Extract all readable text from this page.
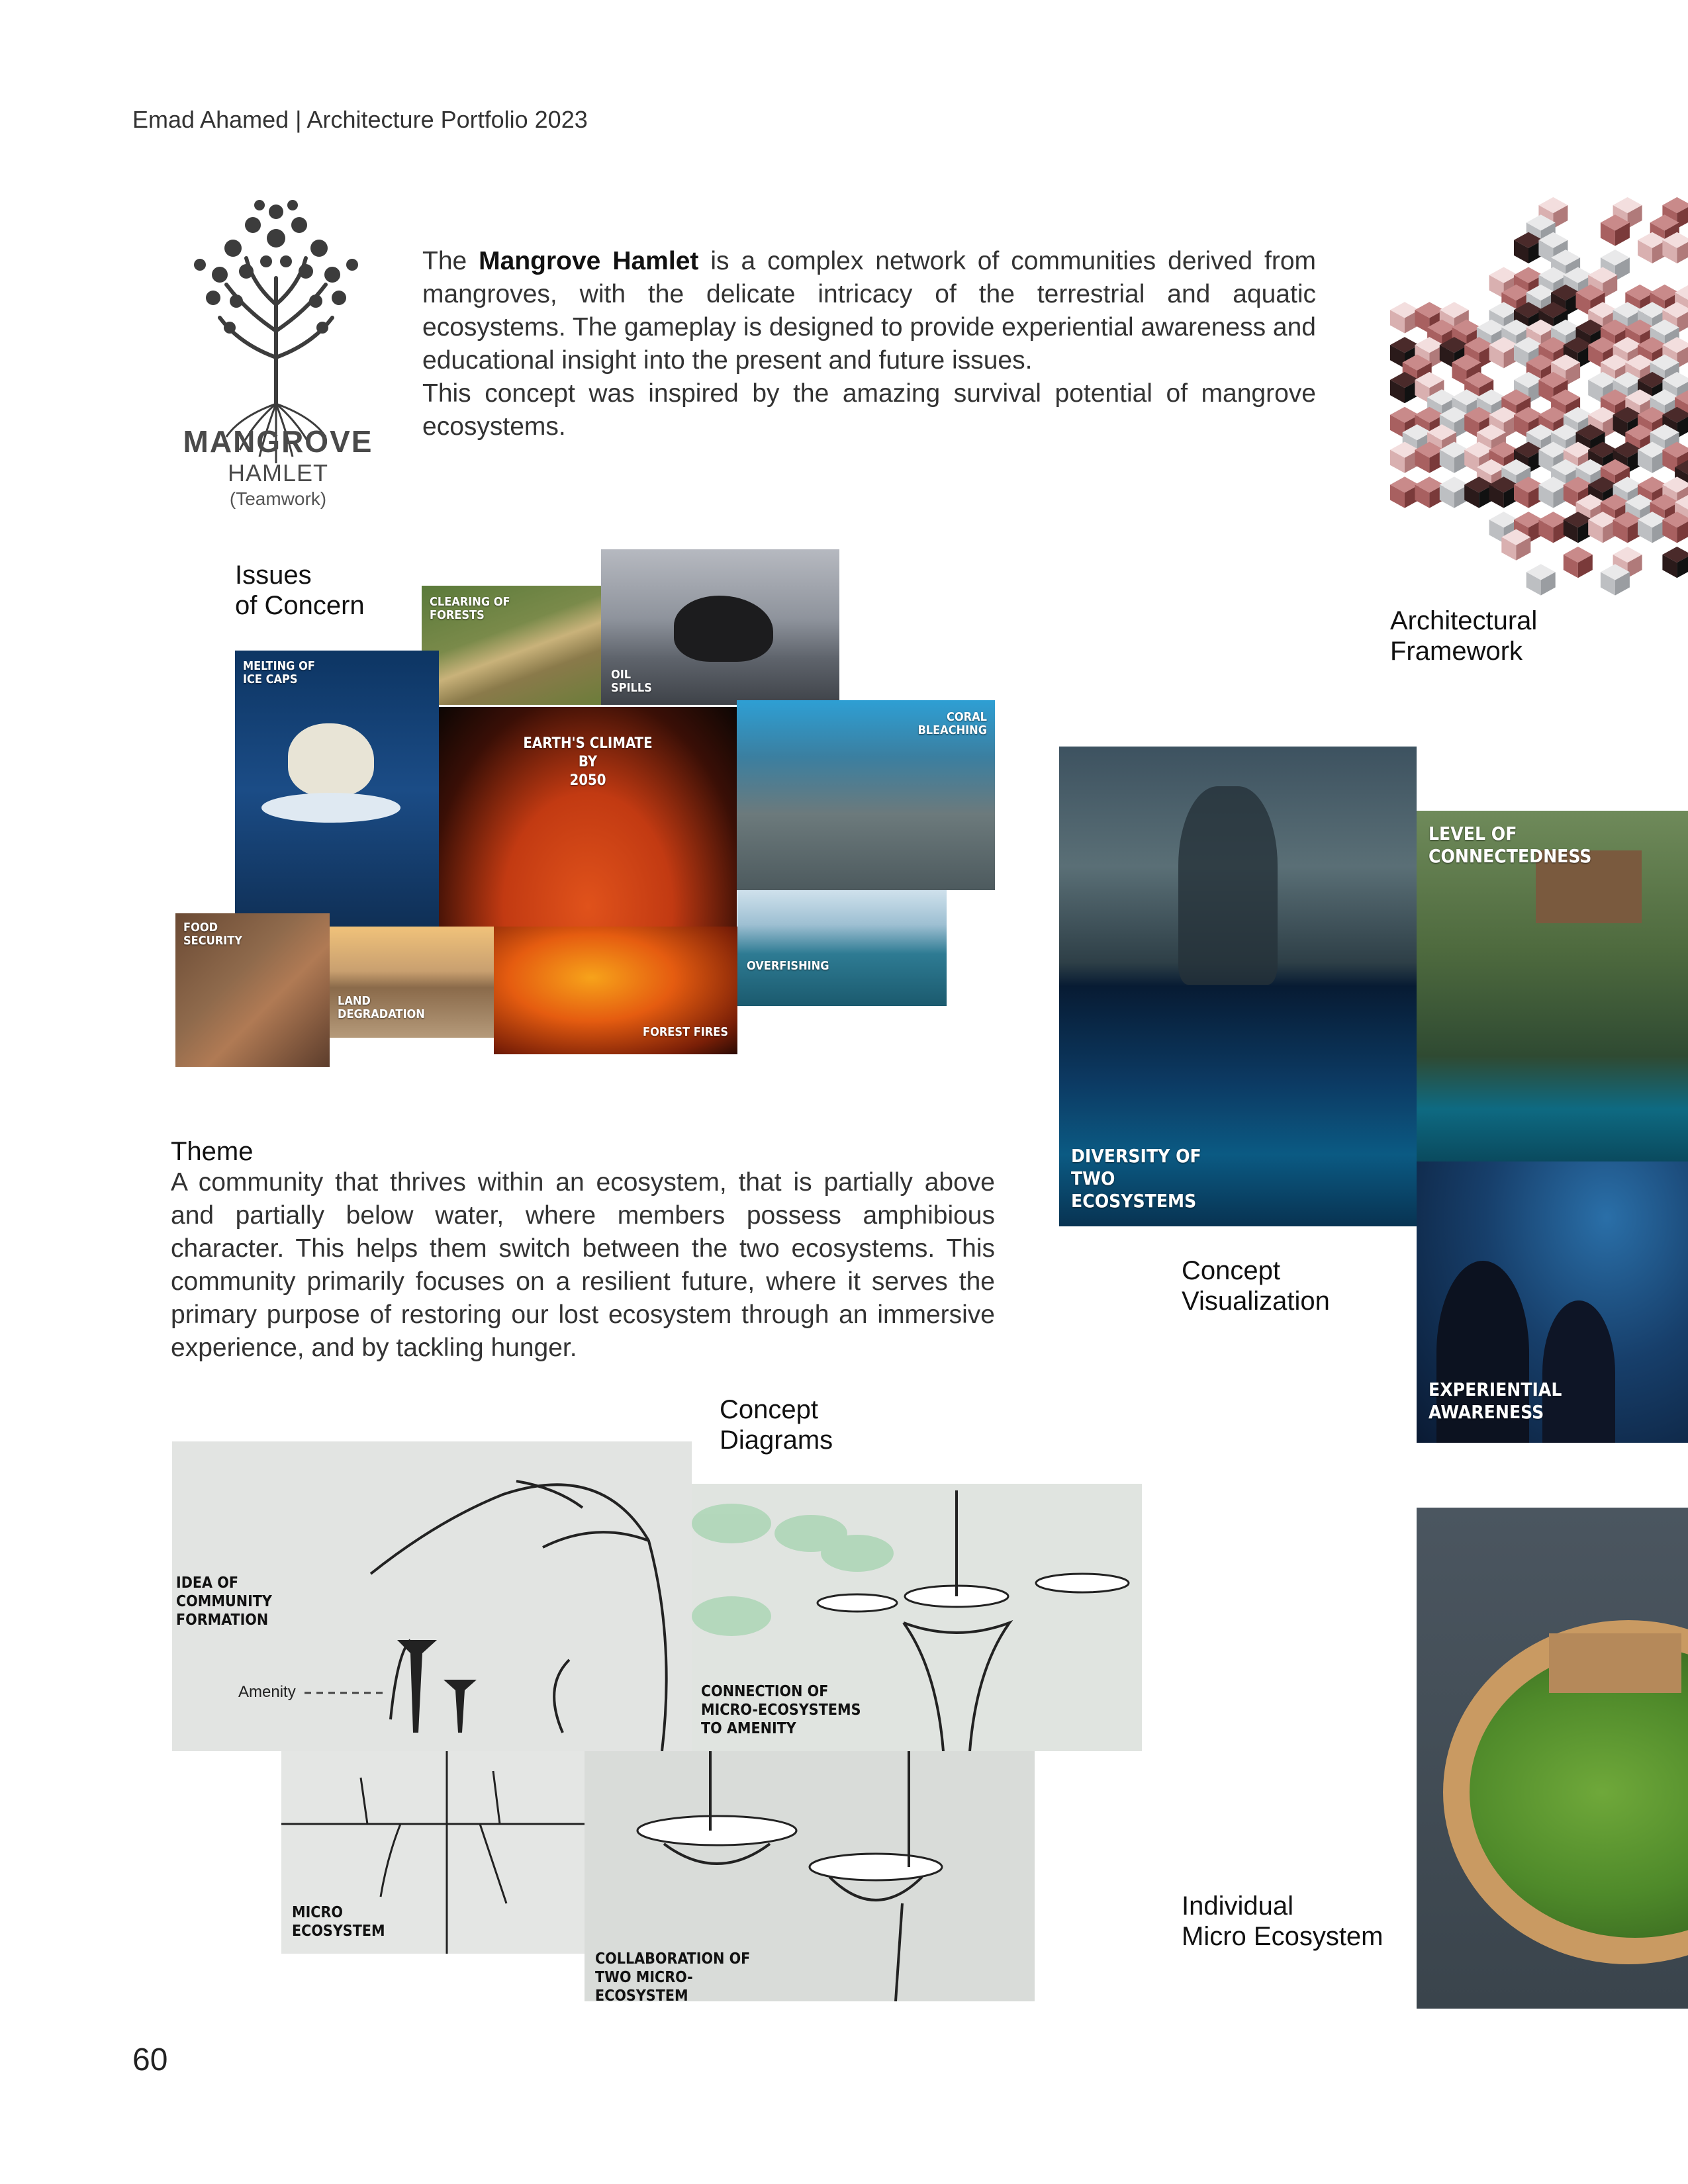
Emad Ahamed | Architecture Portfolio 2023
MANGROVE
HAMLET
(Teamwork)
The Mangrove Hamlet is a complex network of communities derived from mangroves, with the delicate intricacy of the terrestrial and aquatic ecosystems. The gameplay is designed to provide experiential awareness and educational insight into the present and future issues.
This concept was inspired by the amazing survival potential of mangrove ecosystems.
Architectural
Framework
Issues
of Concern	CLEARING OF FORESTS
OIL SPILLS
MELTING OF ICE CAPS
EARTH'S CLIMATE
BY
2050
CORAL BLEACHING
FOOD SECURITY
LAND DEGRADATION
FOREST FIRES
OVERFISHING
Theme
A community that thrives within an ecosystem, that is partially above and partially below water, where members possess amphibious character. This helps them switch between the two ecosystems. This community primarily focuses on a resilient future, where it serves the primary purpose of restoring our lost ecosystem through an immersive experience, and by tackling hunger.
DIVERSITY OF TWO ECOSYSTEMS
LEVEL OF CONNECTEDNESS
EXPERIENTIAL AWARENESS
Concept
Visualization
Concept
Diagrams
IDEA OF COMMUNITY FORMATION
Amenity	CONNECTION OF MICRO-ECOSYSTEMS TO AMENITY
MICRO ECOSYSTEM
COLLABORATION OF TWO MICRO-ECOSYSTEM
Individual
Micro Ecosystem
60
